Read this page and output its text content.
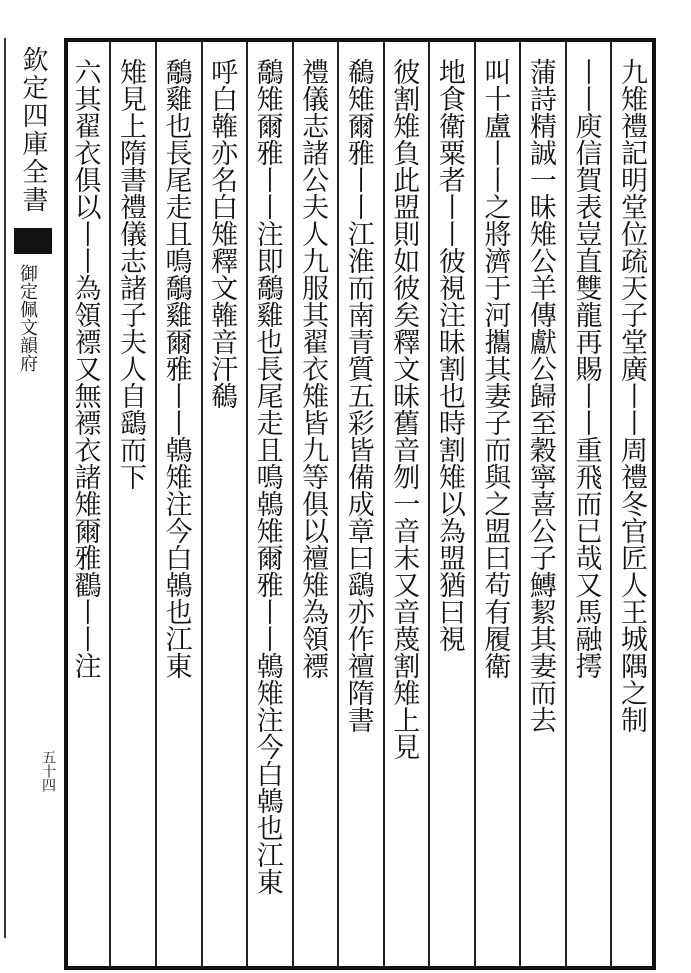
欽定四庫全書
御定佩文韻府
五十四
九雉禮記明堂位疏天子堂廣丨丨周禮冬官匠人王城隅之制
丨丨庾信賀表豈直雙龍再賜丨丨重飛而已哉又馬融摴
蒲詩精誠一昧雉公羊傳獻公歸至穀寧喜公子鱄絜其妻而去
叫十盧丨丨之將濟于河攜其妻子而與之盟曰苟有履衛
地食衛粟者丨丨彼視注昧割也時割雉以為盟猶曰視
彼割雉負此盟則如彼矣釋文昧舊音刎一音末又音蔑割雉上見
鵗雉爾雅丨丨江淮而南青質五彩皆備成章曰鷂亦作䄠隋書
禮儀志諸公夫人九服其翟衣雉皆九等俱以䄠雉為領褾
鷮雉爾雅丨丨注即鷮雞也長尾走且鳴鵫雉爾雅丨丨鵫雉注今白鵫也江東
呼白雗亦名白雉釋文雗音汗鵗
鷮雞也長尾走且鳴鷮雞爾雅丨丨鵫雉注今白鵫也江東
雉見上隋書禮儀志諸子夫人自鷂而下
六其翟衣俱以丨丨為領褾又無褾衣諸雉爾雅鸐丨丨注
